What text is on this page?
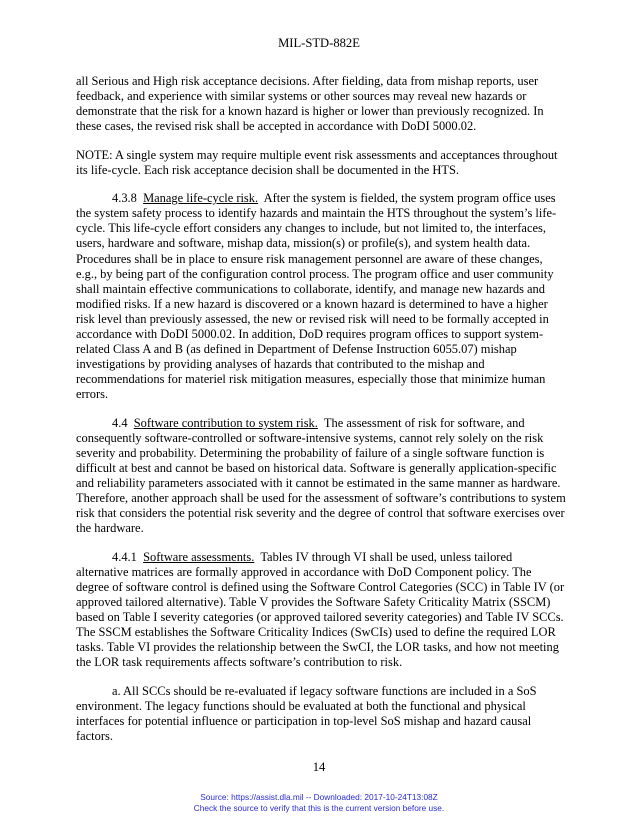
MIL-STD-882E

all Serious and High risk acceptance decisions. After fielding, data from mishap reports, user feedback, and experience with similar systems or other sources may reveal new hazards or demonstrate that the risk for a known hazard is higher or lower than previously recognized. In these cases, the revised risk shall be accepted in accordance with DoDI 5000.02.

NOTE: A single system may require multiple event risk assessments and acceptances throughout its life-cycle. Each risk acceptance decision shall be documented in the HTS.

4.3.8 Manage life-cycle risk. After the system is fielded, the system program office uses the system safety process to identify hazards and maintain the HTS throughout the system’s life-cycle. This life-cycle effort considers any changes to include, but not limited to, the interfaces, users, hardware and software, mishap data, mission(s) or profile(s), and system health data. Procedures shall be in place to ensure risk management personnel are aware of these changes, e.g., by being part of the configuration control process. The program office and user community shall maintain effective communications to collaborate, identify, and manage new hazards and modified risks. If a new hazard is discovered or a known hazard is determined to have a higher risk level than previously assessed, the new or revised risk will need to be formally accepted in accordance with DoDI 5000.02. In addition, DoD requires program offices to support system-related Class A and B (as defined in Department of Defense Instruction 6055.07) mishap investigations by providing analyses of hazards that contributed to the mishap and recommendations for materiel risk mitigation measures, especially those that minimize human errors.

4.4 Software contribution to system risk. The assessment of risk for software, and consequently software-controlled or software-intensive systems, cannot rely solely on the risk severity and probability. Determining the probability of failure of a single software function is difficult at best and cannot be based on historical data. Software is generally application-specific and reliability parameters associated with it cannot be estimated in the same manner as hardware. Therefore, another approach shall be used for the assessment of software’s contributions to system risk that considers the potential risk severity and the degree of control that software exercises over the hardware.

4.4.1 Software assessments. Tables IV through VI shall be used, unless tailored alternative matrices are formally approved in accordance with DoD Component policy. The degree of software control is defined using the Software Control Categories (SCC) in Table IV (or approved tailored alternative). Table V provides the Software Safety Criticality Matrix (SSCM) based on Table I severity categories (or approved tailored severity categories) and Table IV SCCs. The SSCM establishes the Software Criticality Indices (SwCIs) used to define the required LOR tasks. Table VI provides the relationship between the SwCI, the LOR tasks, and how not meeting the LOR task requirements affects software’s contribution to risk.

a. All SCCs should be re-evaluated if legacy software functions are included in a SoS environment. The legacy functions should be evaluated at both the functional and physical interfaces for potential influence or participation in top-level SoS mishap and hazard causal factors.

14
Source: https://assist.dla.mil -- Downloaded: 2017-10-24T13:08Z
Check the source to verify that this is the current version before use.
